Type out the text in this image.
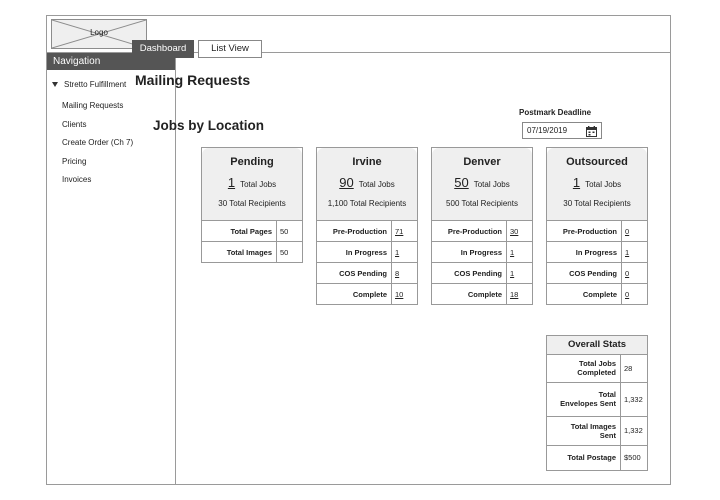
Logo
Navigation
Stretto Fulfillment
Mailing Requests
Clients
Create Order (Ch 7)
Pricing
Invoices
Dashboard	List View
Mailing Requests
Jobs by Location
Postmark Deadline
07/19/2019
Pending
1 Total Jobs
30 Total Recipients
Total Pages	50
Total Images	50
Irvine
90 Total Jobs
1,100 Total Recipients
Pre-Production	71
In Progress	1
COS Pending	8
Complete	10
Denver
50 Total Jobs
500 Total Recipients
Pre-Production	30
In Progress	1
COS Pending	1
Complete	18
Outsourced
1 Total Jobs
30 Total Recipients
Pre-Production	0
In Progress	1
COS Pending	0
Complete	0
Overall Stats
Total Jobs
Completed	28
Total
Envelopes Sent	1,332
Total Images
Sent	1,332
Total Postage	$500
